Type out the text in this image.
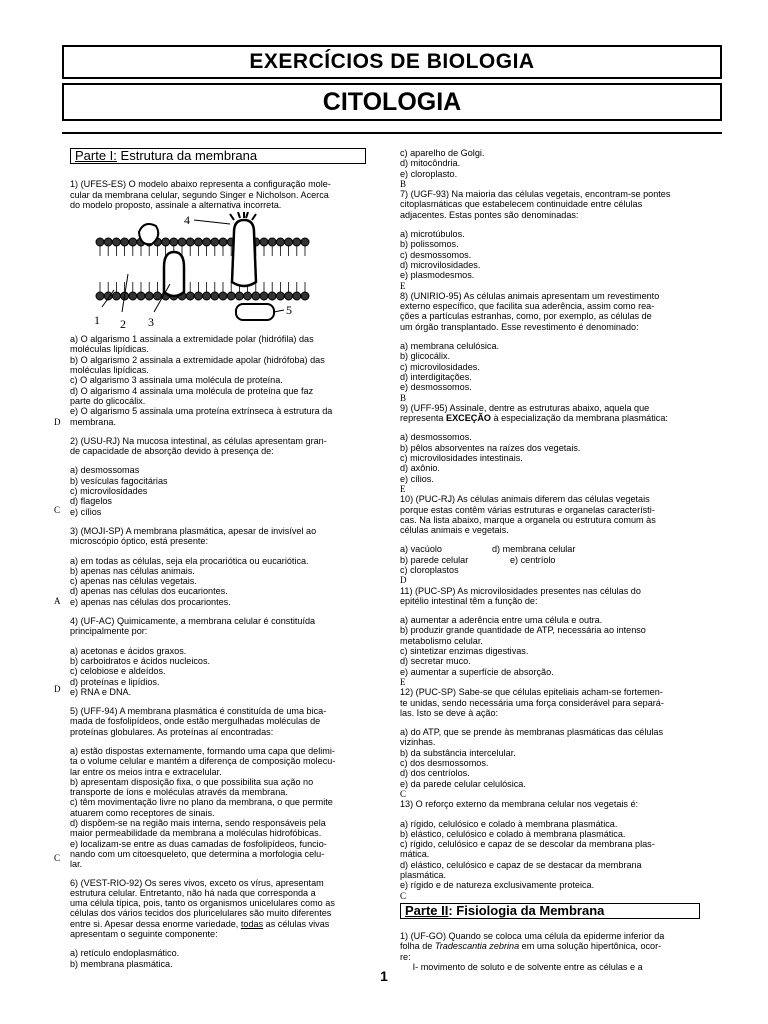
EXERCÍCIOS DE BIOLOGIA
CITOLOGIA
Parte I: Estrutura da membrana

1) (UFES-ES) O modelo abaixo representa a configuração mole-
cular da membrana celular, segundo Singer e Nicholson. Acerca
do modelo proposto, assinale a alternativa incorreta.

4
1 2 3
5

a) O algarismo 1 assinala a extremidade polar (hidrófila) das
moléculas lipídicas.
b) O algarismo 2 assinala a extremidade apolar (hidrófoba) das
moléculas lipídicas.
c) O algarismo 3 assinala uma molécula de proteína.
d) O algarismo 4 assinala uma molécula de proteína que faz
parte do glicocálix.
e) O algarismo 5 assinala uma proteína extrínseca à estrutura da
membrana.

2) (USU-RJ) Na mucosa intestinal, as células apresentam gran-
de capacidade de absorção devido à presença de:

a) desmossomas
b) vesículas fagocitárias
c) microvilosidades
d) flagelos
e) cílios

3) (MOJI-SP) A membrana plasmática, apesar de invisível ao
microscópio óptico, está presente:

a) em todas as células, seja ela procariótica ou eucariótica.
b) apenas nas células animais.
c) apenas nas células vegetais.
d) apenas nas células dos eucariontes.
e) apenas nas células dos procariontes.

4) (UF-AC) Quimicamente, a membrana celular é constituída
principalmente por:

a) acetonas e ácidos graxos.
b) carboidratos e ácidos nucleicos.
c) celobiose e aldeídos.
d) proteínas e lipídios.
e) RNA e DNA.

5) (UFF-94) A membrana plasmática é constituída de uma bica-
mada de fosfolipídeos, onde estão mergulhadas moléculas de
proteínas globulares. As proteínas aí encontradas:

a) estão dispostas externamente, formando uma capa que delimi-
ta o volume celular e mantém a diferença de composição molecu-
lar entre os meios intra e extracelular.
b) apresentam disposição fixa, o que possibilita sua ação no
transporte de íons e moléculas através da membrana.
c) têm movimentação livre no plano da membrana, o que permite
atuarem como receptores de sinais.
d) dispõem-se na região mais interna, sendo responsáveis pela
maior permeabilidade da membrana a moléculas hidrofóbicas.
e) localizam-se entre as duas camadas de fosfolipídeos, funcio-
nando com um citoesqueleto, que determina a morfologia celu-
lar.

6) (VEST-RIO-92) Os seres vivos, exceto os vírus, apresentam
estrutura celular. Entretanto, não há nada que corresponda a
uma célula típica, pois, tanto os organismos unicelulares como as
células dos vários tecidos dos pluricelulares são muito diferentes
entre si. Apesar dessa enorme variedade, todas as células vivas
apresentam o seguinte componente:

a) retículo endoplasmático.
b) membrana plasmática.

D
C
A
D
C

c) aparelho de Golgi.
d) mitocôndria.
e) cloroplasto.
B

7) (UGF-93) Na maioria das células vegetais, encontram-se pontes
citoplasmáticas que estabelecem continuidade entre células
adjacentes. Estas pontes são denominadas:

a) microtúbulos.
b) polissomos.
c) desmossomos.
d) microvilosidades.
e) plasmodesmos.
E

8) (UNIRIO-95) As células animais apresentam um revestimento
externo específico, que facilita sua aderência, assim como rea-
ções a partículas estranhas, como, por exemplo, as células de
um órgão transplantado. Esse revestimento é denominado:

a) membrana celulósica.
b) glicocálix.
c) microvilosidades.
d) interdigitações.
e) desmossomos.
B

9) (UFF-95) Assinale, dentre as estruturas abaixo, aquela que
representa EXCEÇÃO à especialização da membrana plasmática:

a) desmossomos.
b) pêlos absorventes na raízes dos vegetais.
c) microvilosidades intestinais.
d) axônio.
e) cílios.
E

10) (PUC-RJ) As células animais diferem das células vegetais
porque estas contêm várias estruturas e organelas característi-
cas. Na lista abaixo, marque a organela ou estrutura comum às
células animais e vegetais.

a) vacúolo	d) membrana celular
b) parede celular	e) centríolo
c) cloroplastos
D

11) (PUC-SP) As microvilosidades presentes nas células do
epitélio intestinal têm a função de:

a) aumentar a aderência entre uma célula e outra.
b) produzir grande quantidade de ATP, necessária ao intenso
metabolismo celular.
c) sintetizar enzimas digestivas.
d) secretar muco.
e) aumentar a superfície de absorção.
E

12) (PUC-SP) Sabe-se que células epiteliais acham-se fortemen-
te unidas, sendo necessária uma força considerável para separá-
las. Isto se deve à ação:

a) do ATP, que se prende às membranas plasmáticas das células
vizinhas.
b) da substância intercelular.
c) dos desmossomos.
d) dos centríolos.
e) da parede celular celulósica.
C

13) O reforço externo da membrana celular nos vegetais é:

a) rígido, celulósico e colado à membrana plasmática.
b) elástico, celulósico e colado à membrana plasmática.
c) rígido, celulósico e capaz de se descolar da membrana plas-
mática.
d) elástico, celulósico e capaz de se destacar da membrana
plasmática.
e) rígido e de natureza exclusivamente proteica.
C

Parte II: Fisiologia da Membrana

1) (UF-GO) Quando se coloca uma célula da epiderme inferior da
folha de Tradescantia zebrina em uma solução hipertônica, ocor-
re:
I- movimento de soluto e de solvente entre as células e a

1
